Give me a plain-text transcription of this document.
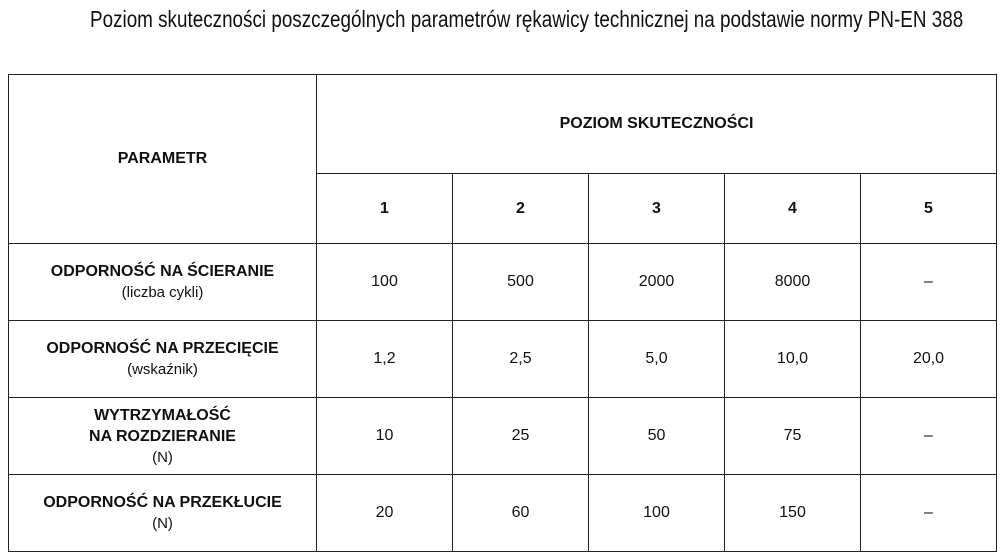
Poziom skuteczności poszczególnych parametrów rękawicy technicznej na podstawie normy PN-EN 388
PARAMETR	POZIOM SKUTECZNOŚCI				
	1	2	3	4	5

ODPORNOŚĆ NA ŚCIERANIE
(liczba cykli)	100	500	2000	8000	–

ODPORNOŚĆ NA PRZECIĘCIE
(wskaźnik)	1,2	2,5	5,0	10,0	20,0

WYTRZYMAŁOŚĆ
NA ROZDZIERANIE
(N)	10	25	50	75	–

ODPORNOŚĆ NA PRZEKŁUCIE
(N)	20	60	100	150	–
